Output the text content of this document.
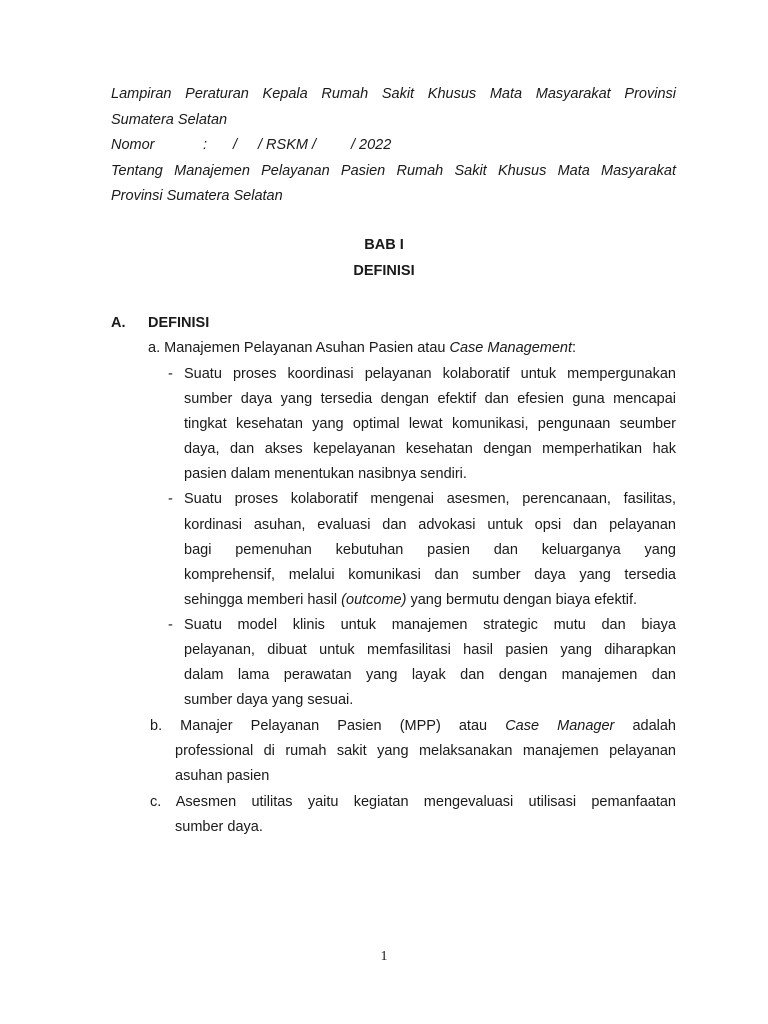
Lampiran Peraturan Kepala Rumah Sakit Khusus Mata Masyarakat Provinsi
Sumatera Selatan
Nomor	: / / RSKM / / 2022
Tentang Manajemen Pelayanan Pasien Rumah Sakit Khusus Mata Masyarakat
Provinsi Sumatera Selatan
BAB I
DEFINISI
A. DEFINISI
a. Manajemen Pelayanan Asuhan Pasien atau Case Management:
- Suatu proses koordinasi pelayanan kolaboratif untuk mempergunakan
sumber daya yang tersedia dengan efektif dan efesien guna mencapai
tingkat kesehatan yang optimal lewat komunikasi, pengunaan seumber
daya, dan akses kepelayanan kesehatan dengan memperhatikan hak
pasien dalam menentukan nasibnya sendiri.
- Suatu proses kolaboratif mengenai asesmen, perencanaan, fasilitas,
kordinasi asuhan, evaluasi dan advokasi untuk opsi dan pelayanan
bagi pemenuhan kebutuhan pasien dan keluarganya yang
komprehensif, melalui komunikasi dan sumber daya yang tersedia
sehingga memberi hasil (outcome) yang bermutu dengan biaya efektif.
- Suatu model klinis untuk manajemen strategic mutu dan biaya
pelayanan, dibuat untuk memfasilitasi hasil pasien yang diharapkan
dalam lama perawatan yang layak dan dengan manajemen dan
sumber daya yang sesuai.
b. Manajer Pelayanan Pasien (MPP) atau Case Manager adalah
professional di rumah sakit yang melaksanakan manajemen pelayanan
asuhan pasien
c. Asesmen utilitas yaitu kegiatan mengevaluasi utilisasi pemanfaatan
sumber daya.
1
